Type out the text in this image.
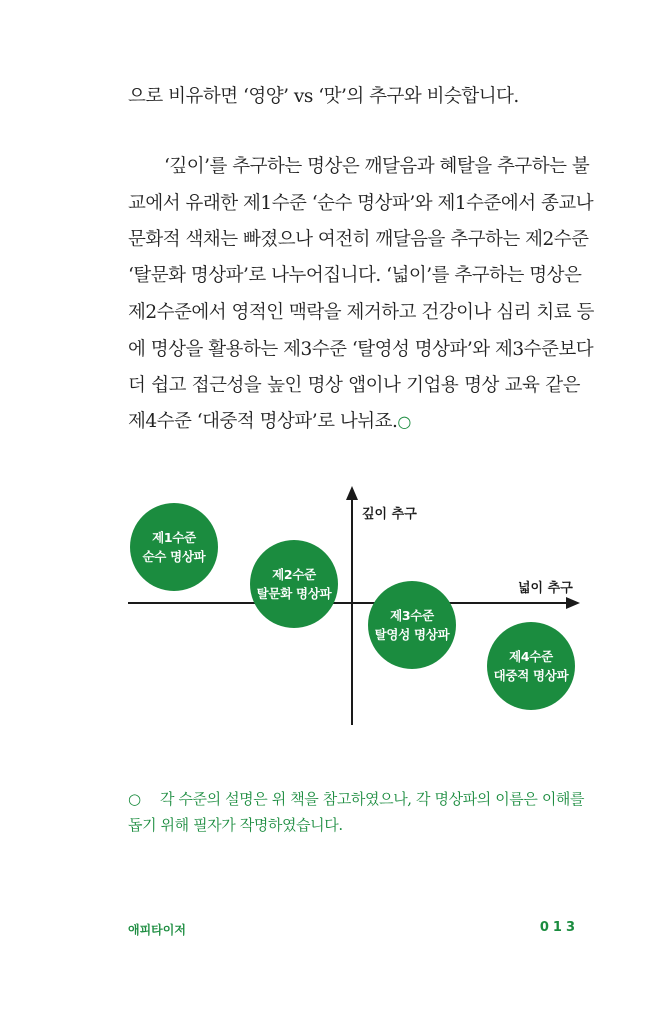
으로 비유하면 ‘영양’ vs ‘맛’의 추구와 비슷합니다.
‘깊이’를 추구하는 명상은 깨달음과 혜탈을 추구하는 불
교에서 유래한 제1수준 ‘순수 명상파’와 제1수준에서 종교나
문화적 색채는 빠졌으나 여전히 깨달음을 추구하는 제2수준
‘탈문화 명상파’로 나누어집니다. ‘넓이’를 추구하는 명상은
제2수준에서 영적인 맥락을 제거하고 건강이나 심리 치료 등
에 명상을 활용하는 제3수준 ‘탈영성 명상파’와 제3수준보다
더 쉽고 접근성을 높인 명상 앱이나 기업용 명상 교육 같은
제4수준 ‘대중적 명상파’로 나뉘죠.○
깊이 추구
넓이 추구
제1수준
순수 명상파
제2수준
탈문화 명상파
제3수준
탈영성 명상파
제4수준
대중적 명상파
○ 각 수준의 설명은 위 책을 참고하였으나, 각 명상파의 이름은 이해를
돕기 위해 필자가 작명하였습니다.
애피타이저	013
